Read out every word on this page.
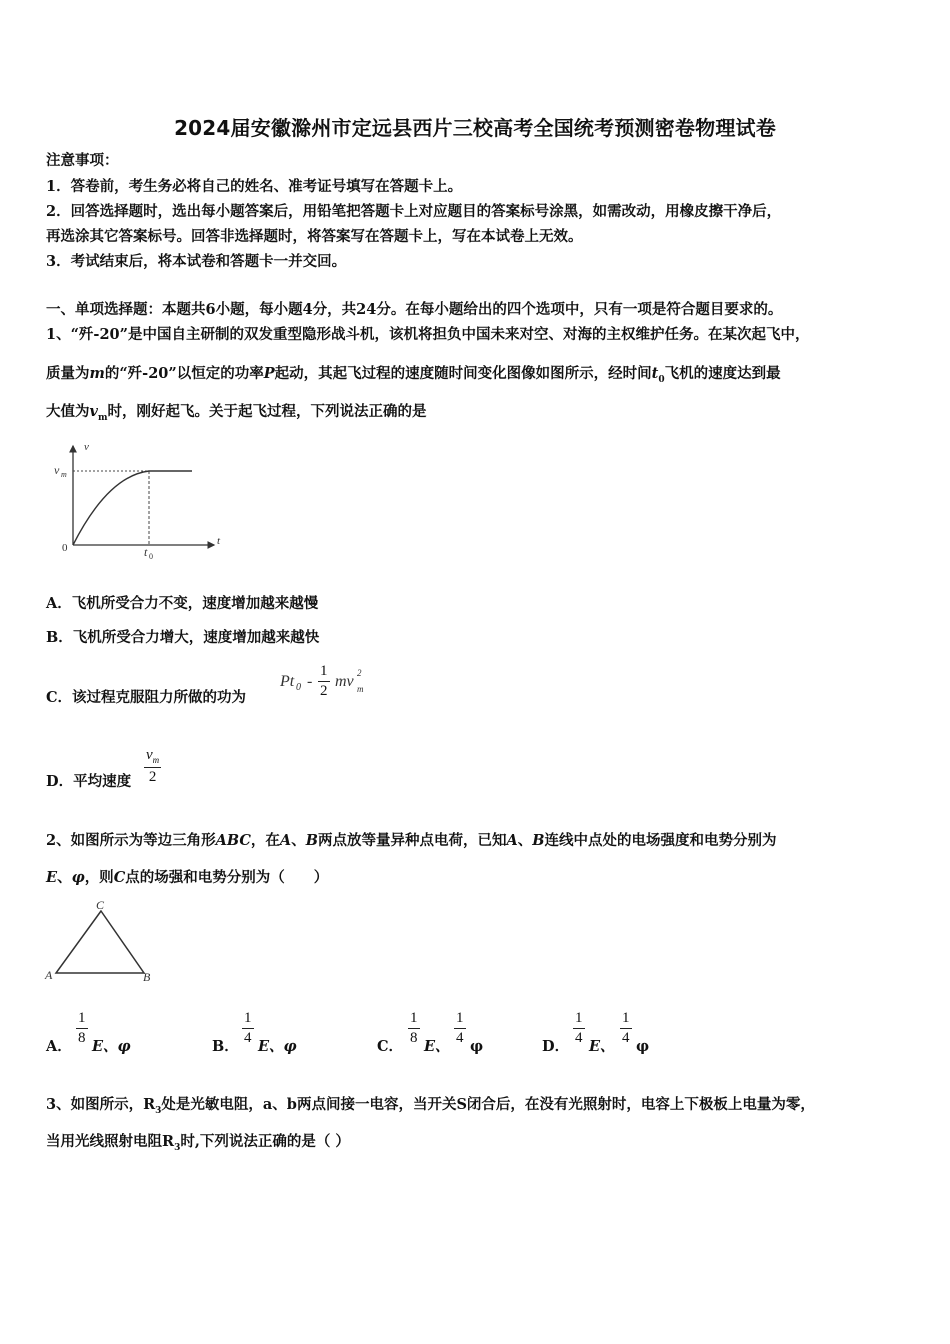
2024届安徽滁州市定远县西片三校高考全国统考预测密卷物理试卷
注意事项：
1．答卷前，考生务必将自己的姓名、准考证号填写在答题卡上。
2．回答选择题时，选出每小题答案后，用铅笔把答题卡上对应题目的答案标号涂黑，如需改动，用橡皮擦干净后，
再选涂其它答案标号。回答非选择题时，将答案写在答题卡上，写在本试卷上无效。
3．考试结束后，将本试卷和答题卡一并交回。
一、单项选择题：本题共6小题，每小题4分，共24分。在每小题给出的四个选项中，只有一项是符合题目要求的。
1、“歼-20”是中国自主研制的双发重型隐形战斗机，该机将担负中国未来对空、对海的主权维护任务。在某次起飞中，
质量为m的“歼-20”以恒定的功率P起动，其起飞过程的速度随时间变化图像如图所示，经时间$t_0$飞机的速度达到最
大值为$v_m$时，刚好起飞。关于起飞过程，下列说法正确的是
v
v m
0	t 0
t
A．飞机所受合力不变，速度增加越来越慢
B．飞机所受合力增大，速度增加越来越快
C．该过程克服阻力所做的功为
Pt 0 -
1
2
mv 2
m
D．平均速度
$v_m$
2
2、如图所示为等边三角形ABC，在A、B两点放等量异种点电荷，已知A、B连线中点处的电场强度和电势分别为
E、φ，则C点的场强和电势分别为（　　）
C
A	B
A．
1
8 E、φ	B．
1
4 E、φ	C．
1
8 E、
1
4 φ	D．
1
4 E、
1
4 φ
3、如图所示，$R_3$处是光敏电阻，a、b两点间接一电容，当开关S闭合后，在没有光照射时，电容上下极板上电量为零，
当用光线照射电阻$R_3$时,下列说法正确的是（ ）
